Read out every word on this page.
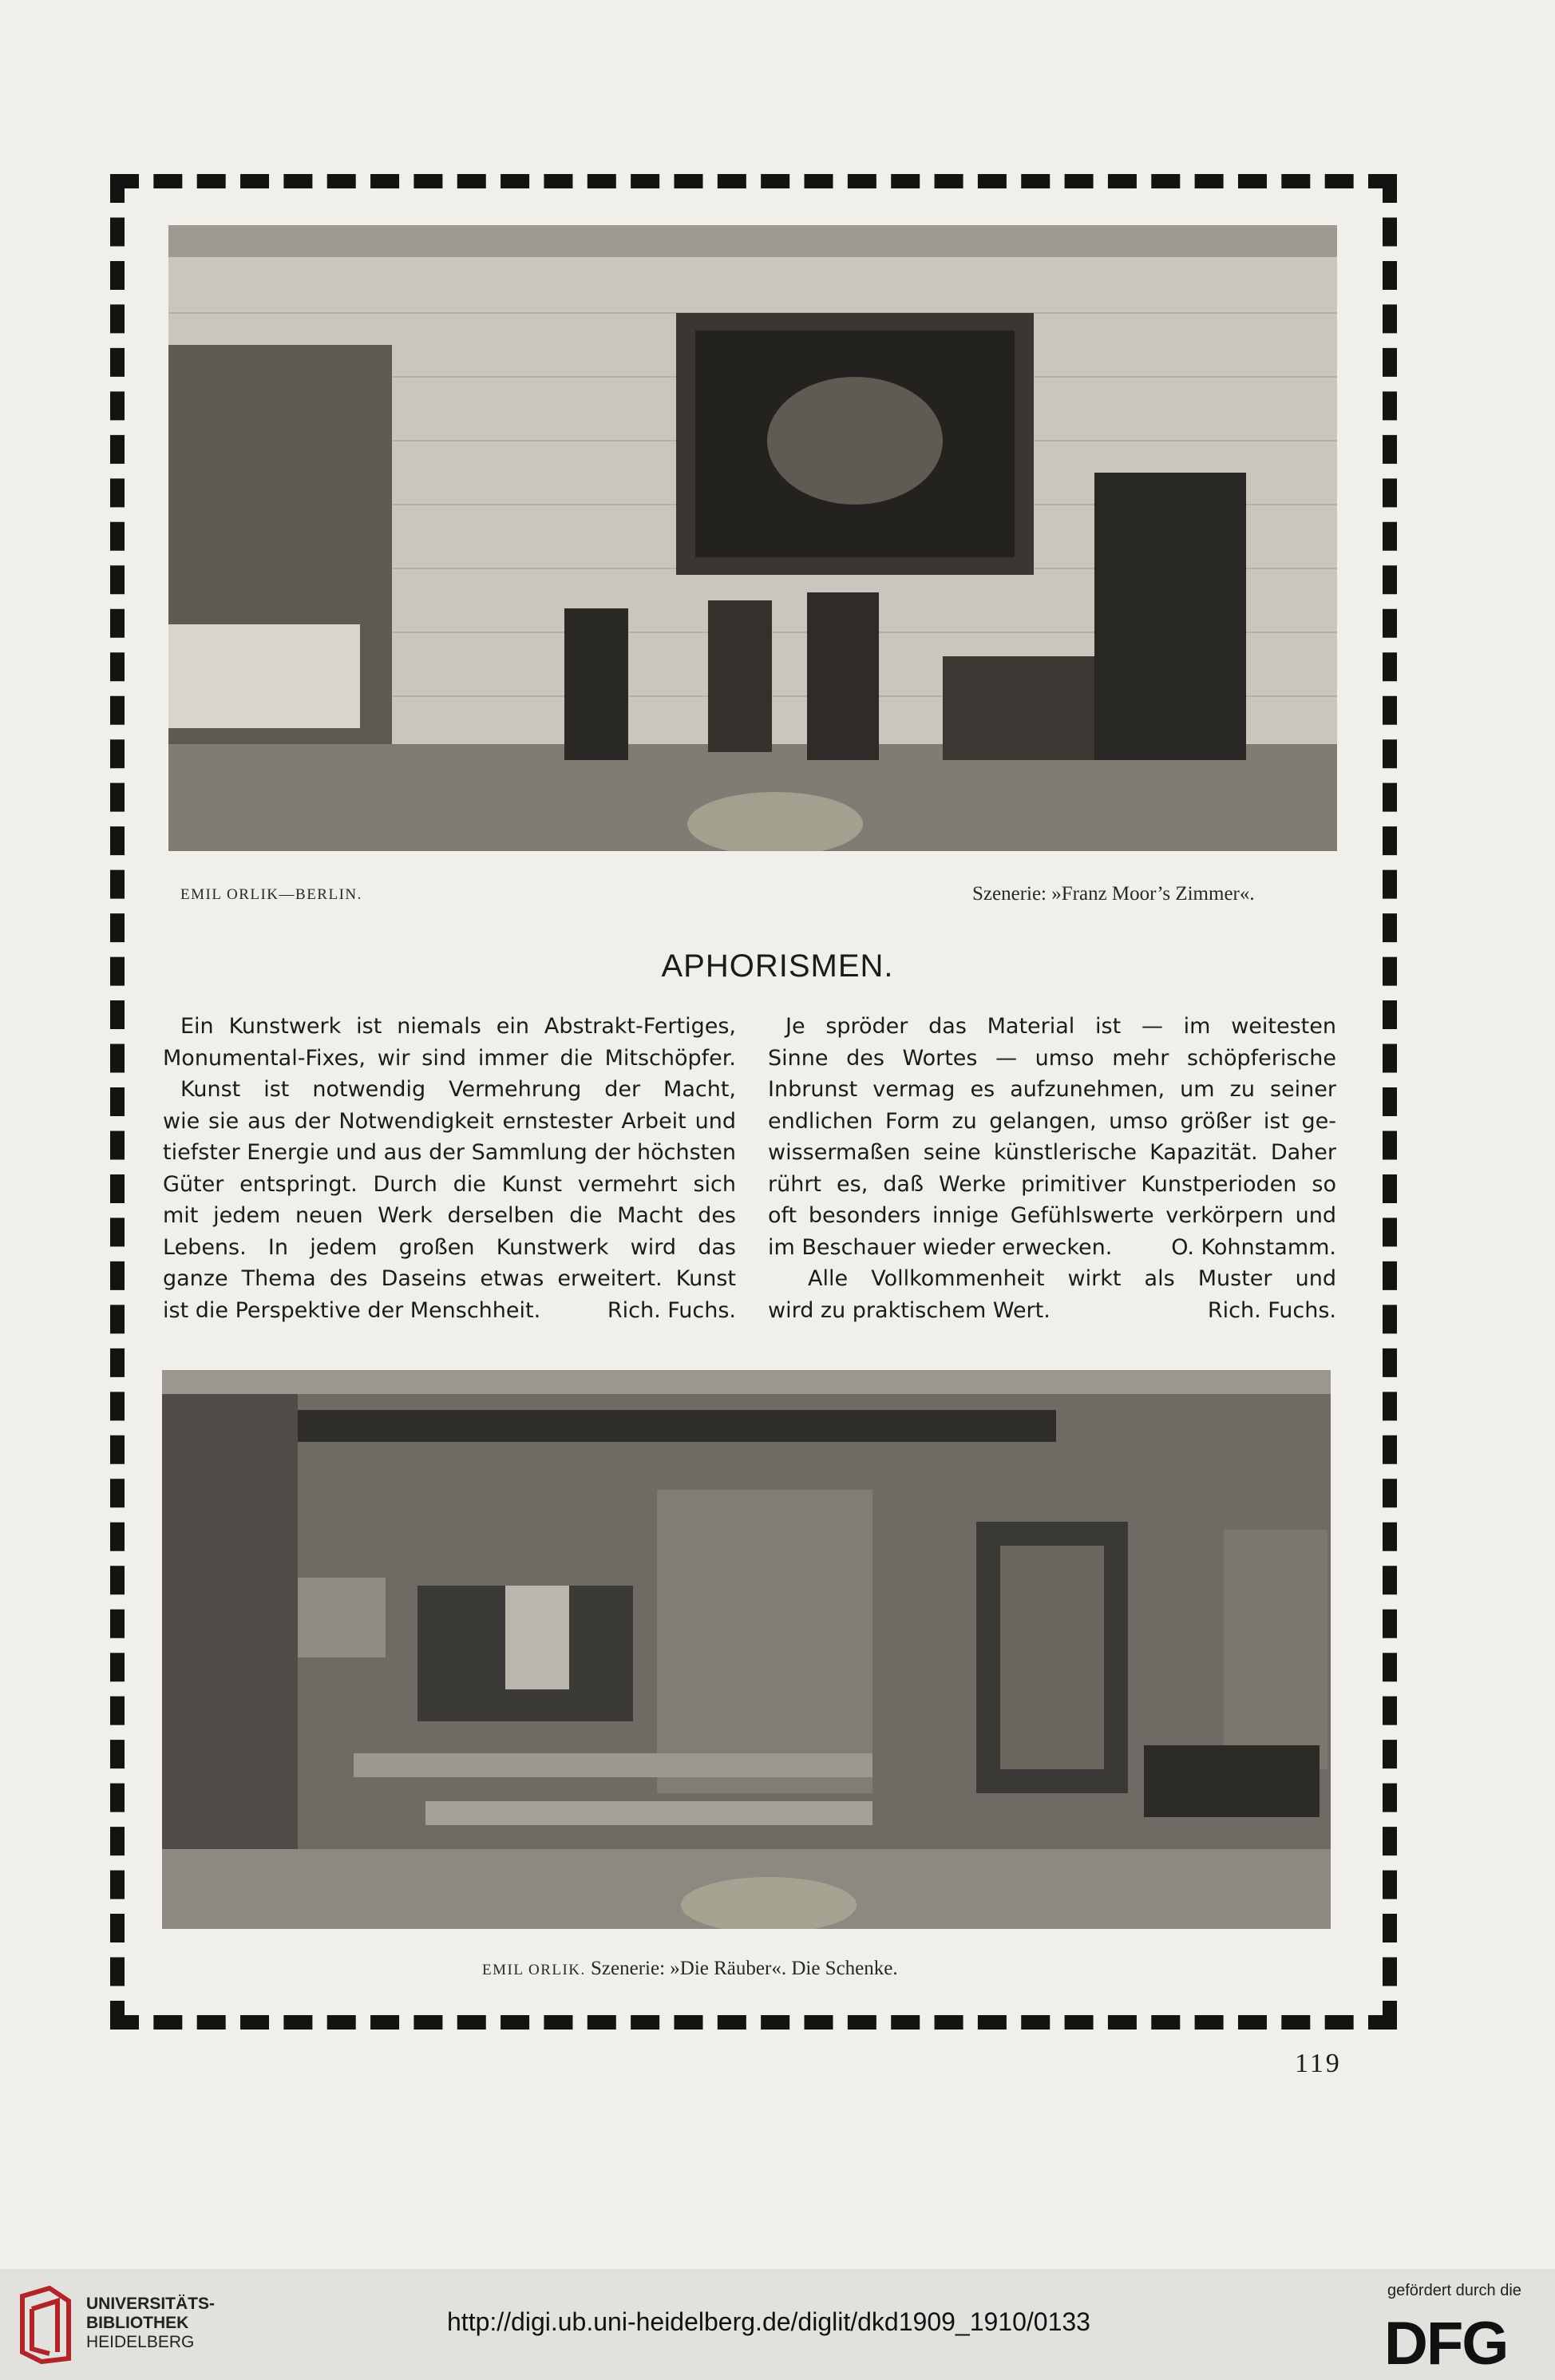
EMIL ORLIK—BERLIN.	Szenerie: »Franz Moor’s Zimmer«.
APHORISMEN.

Ein Kunstwerk ist niemals ein Abstrakt-Fertiges,

Monumental-Fixes, wir sind immer die Mitschöpfer.

Kunst ist notwendig Vermehrung der Macht,

wie sie aus der Notwendigkeit ernstester Arbeit und

tiefster Energie und aus der Sammlung der höchsten

Güter entspringt. Durch die Kunst vermehrt sich

mit jedem neuen Werk derselben die Macht des

Lebens. In jedem großen Kunstwerk wird das

ganze Thema des Daseins etwas erweitert. Kunst

ist die Perspektive der Menschheit.	Rich. Fuchs.

Je spröder das Material ist — im weitesten

Sinne des Wortes — umso mehr schöpferische

Inbrunst vermag es aufzunehmen, um zu seiner

endlichen Form zu gelangen, umso größer ist ge-

wissermaßen seine künstlerische Kapazität. Daher

rührt es, daß Werke primitiver Kunstperioden so

oft besonders innige Gefühlswerte verkörpern und

im Beschauer wieder erwecken.	O. Kohnstamm.

Alle Vollkommenheit wirkt als Muster und

wird zu praktischem Wert.	Rich. Fuchs.

EMIL ORLIK. Szenerie: »Die Räuber«. Die Schenke.
119
UNIVERSITÄTS-
BIBLIOTHEK
HEIDELBERG
http://digi.ub.uni-heidelberg.de/diglit/dkd1909_1910/0133
gefördert durch die
DFG
